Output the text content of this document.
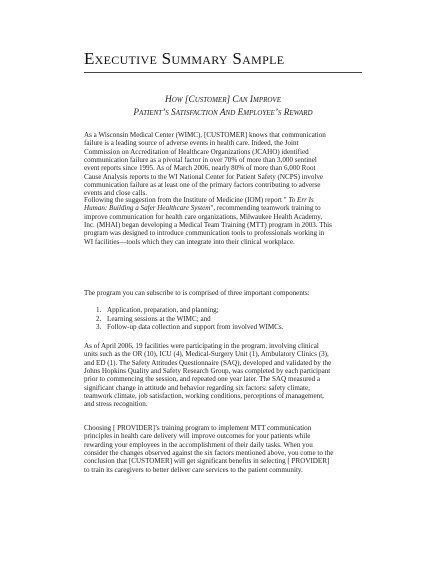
Executive Summary Sample
How [Customer] Can Improve
Patient’s Satisfaction And Employee’s Reward
As a Wisconsin Medical Center (WIMC), [CUSTOMER] knows that communication
failure is a leading source of adverse events in health care. Indeed, the Joint
Commission on Accreditation of Healthcare Organizations (JCAHO) identified
communication failure as a pivotal factor in over 70% of more than 3,000 sentinel
event reports since 1995. As of March 2006, nearly 80% of more than 6,000 Root
Cause Analysis reports to the WI National Center for Patient Safety (NCPS) involve
communication failure as at least one of the primary factors contributing to adverse
events and close calls.
Following the suggestion from the Institute of Medicine (IOM) report " To Err Is
Human: Building a Safer Healthcare System", recommending teamwork training to
improve communication for health care organizations, Milwaukee Health Academy,
Inc. (MHAI) began developing a Medical Team Training (MTT) program in 2003. This
program was designed to introduce communication tools to professionals working in
WI facilities—tools which they can integrate into their clinical workplace.
The program you can subscribe to is comprised of three important components:
1. Application, preparation, and planning;
2. Learning sessions at the WIMC; and
3. Follow-up data collection and support from involved WIMCs.
As of April 2006, 19 facilities were participating in the program, involving clinical
units such as the OR (10), ICU (4), Medical-Surgery Unit (1), Ambulatory Clinics (3),
and ED (1). The Safety Attitudes Questionnaire (SAQ), developed and validated by the
Johns Hopkins Quality and Safety Research Group, was completed by each participant
prior to commencing the session, and repeated one year later. The SAQ measured a
significant change in attitude and behavior regarding six factors: safety climate,
teamwork climate, job satisfaction, working conditions, perceptions of management,
and stress recognition.
Choosing [ PROVIDER]’s training program to implement MTT communication
principles in health care delivery will improve outcomes for your patients while
rewarding your employees in the accomplishment of their daily tasks. When you
consider the changes observed against the six factors mentioned above, you come to the
conclusion that [CUSTOMER] will get significant benefits in selecting [ PROVIDER]
to train its caregivers to better deliver care services to the patient community.
